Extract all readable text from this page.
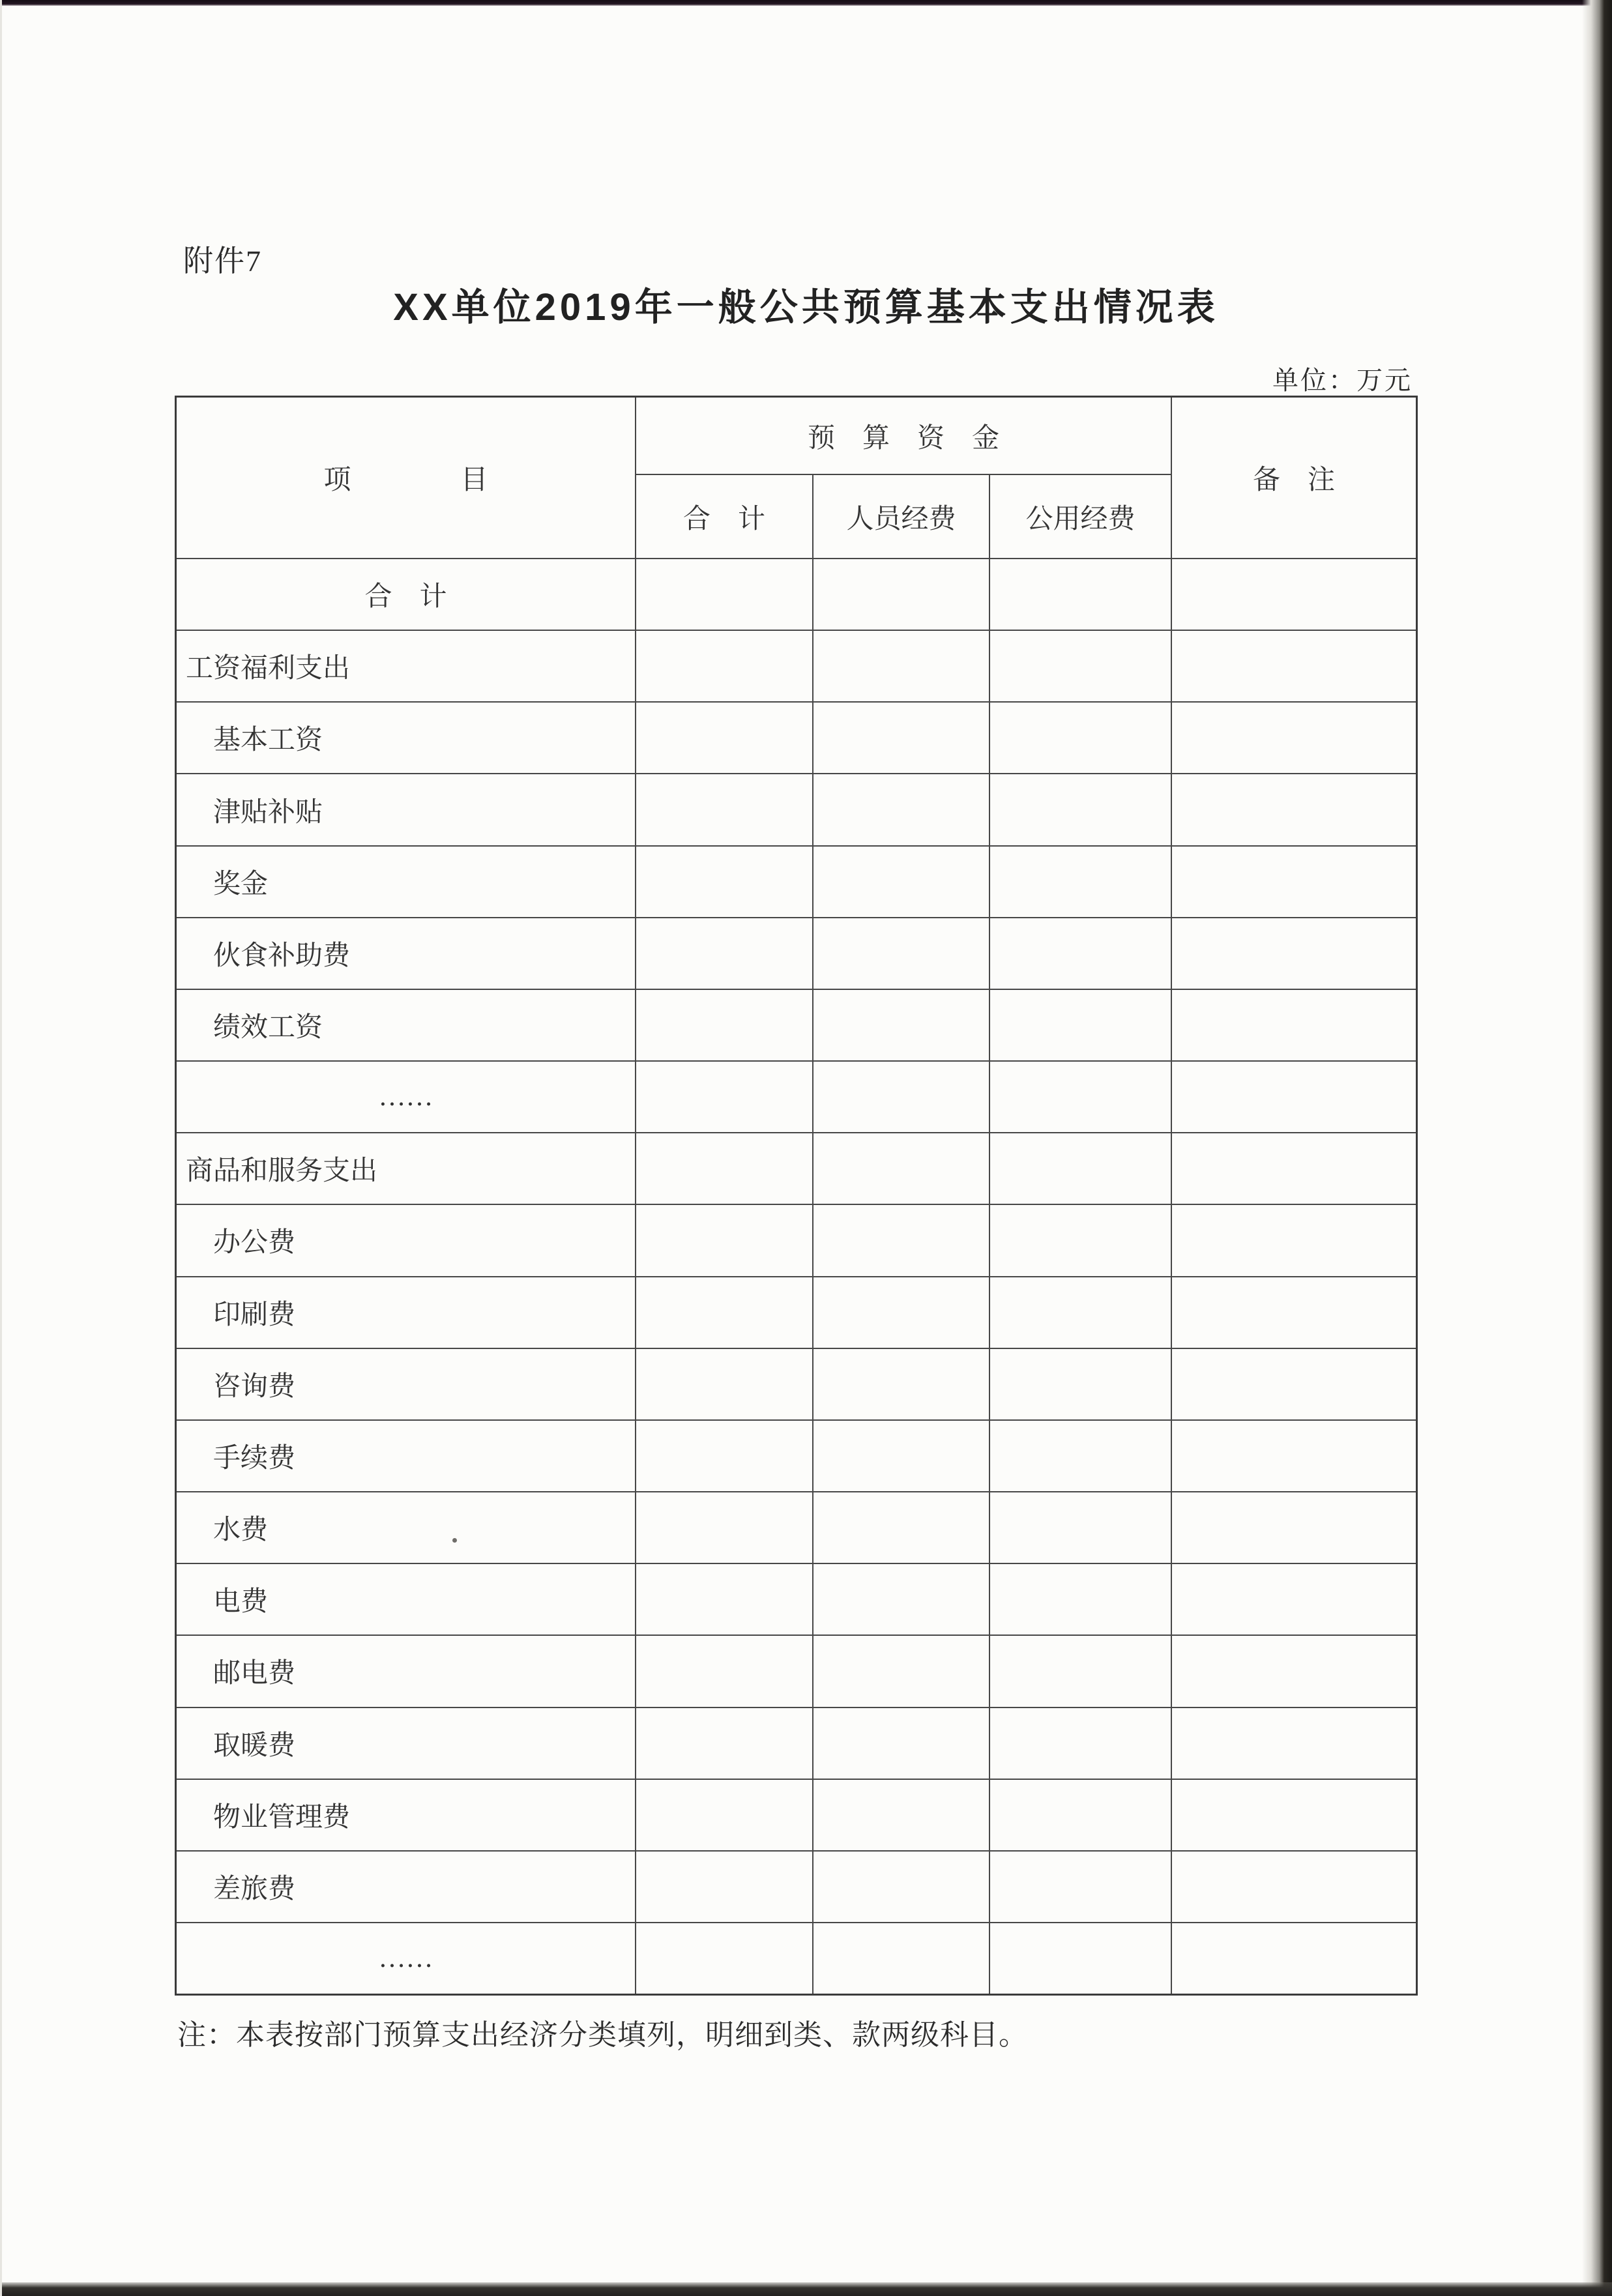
附件7
XX单位2019年一般公共预算基本支出情况表
单位：万元
项　　　　目
预　算　资　金
合　计	人员经费	公用经费
备　注
合　计
工资福利支出
基本工资
津贴补贴
奖金
伙食补助费
绩效工资
……
商品和服务支出
办公费
印刷费
咨询费
手续费
水费
电费
邮电费
取暖费
物业管理费
差旅费
……
注：本表按部门预算支出经济分类填列，明细到类、款两级科目。
